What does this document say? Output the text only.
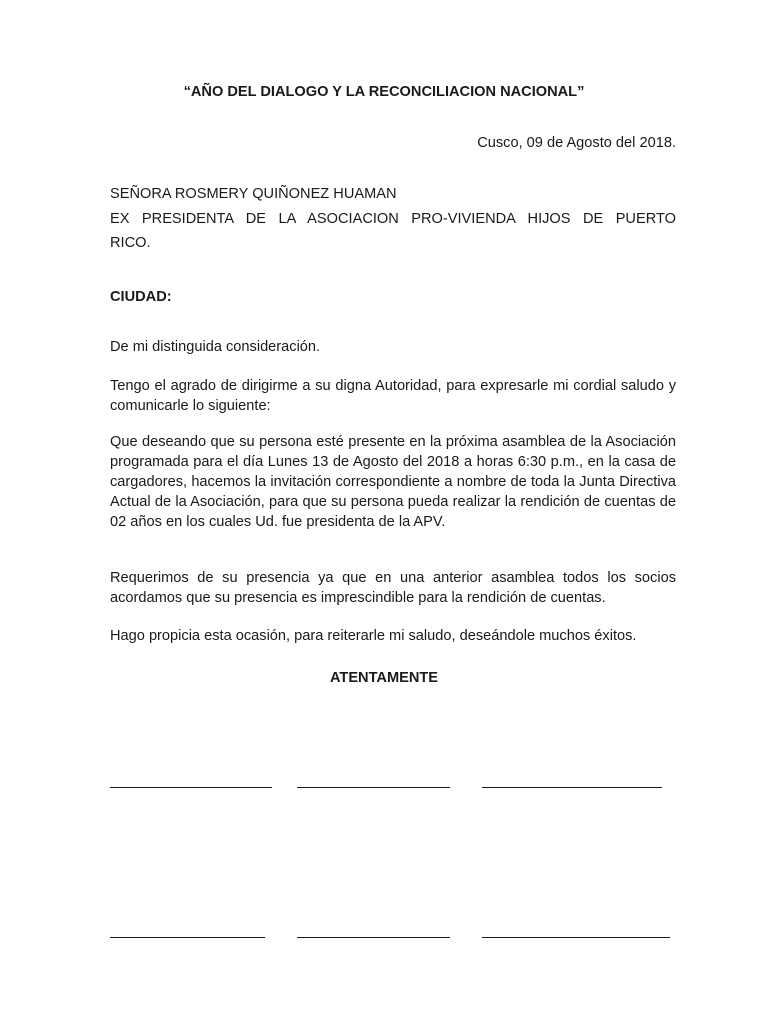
“AÑO DEL DIALOGO Y LA RECONCILIACION NACIONAL”
Cusco, 09 de Agosto del 2018.
SEÑORA ROSMERY QUIÑONEZ HUAMAN
EX PRESIDENTA DE LA ASOCIACION PRO-VIVIENDA HIJOS DE PUERTO
RICO.
CIUDAD:
De mi distinguida consideración.
Tengo el agrado de dirigirme a su digna Autoridad, para expresarle mi cordial saludo y comunicarle lo siguiente:
Que deseando que su persona esté presente en la próxima asamblea de la Asociación programada para el día Lunes 13 de Agosto del 2018 a horas 6:30 p.m., en la casa de cargadores, hacemos la invitación correspondiente a nombre de toda la Junta Directiva Actual de la Asociación, para que su persona pueda realizar la rendición de cuentas de 02 años en los cuales Ud. fue presidenta de la APV.
Requerimos de su presencia ya que en una anterior asamblea todos los socios acordamos que su presencia es imprescindible para la rendición de cuentas.
Hago propicia esta ocasión, para reiterarle mi saludo, deseándole muchos éxitos.
ATENTAMENTE
